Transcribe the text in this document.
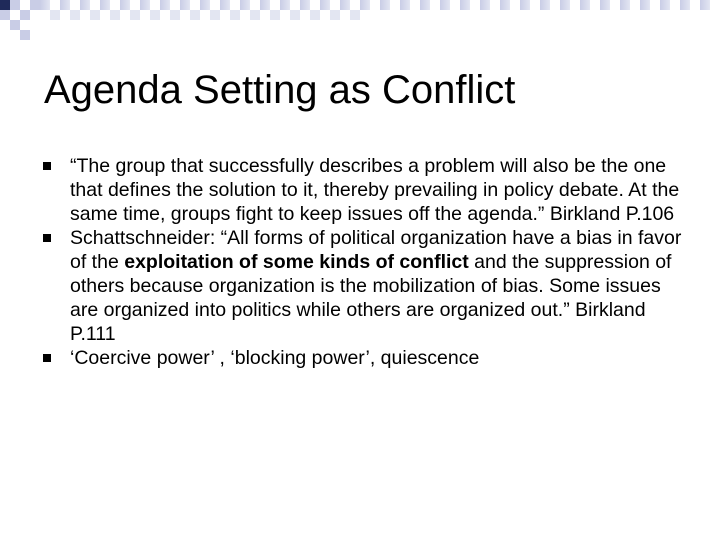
Agenda Setting as Conflict
“The group that successfully describes a problem will also be the one that defines the solution to it, thereby prevailing in policy debate. At the same time, groups fight to keep issues off the agenda.” Birkland P.106
Schattschneider: “All forms of political organization have a bias in favor of the exploitation of some kinds of conflict and the suppression of others because organization is the mobilization of bias. Some issues are organized into politics while others are organized out.” Birkland P.111
‘Coercive power’ , ‘blocking power’, quiescence
